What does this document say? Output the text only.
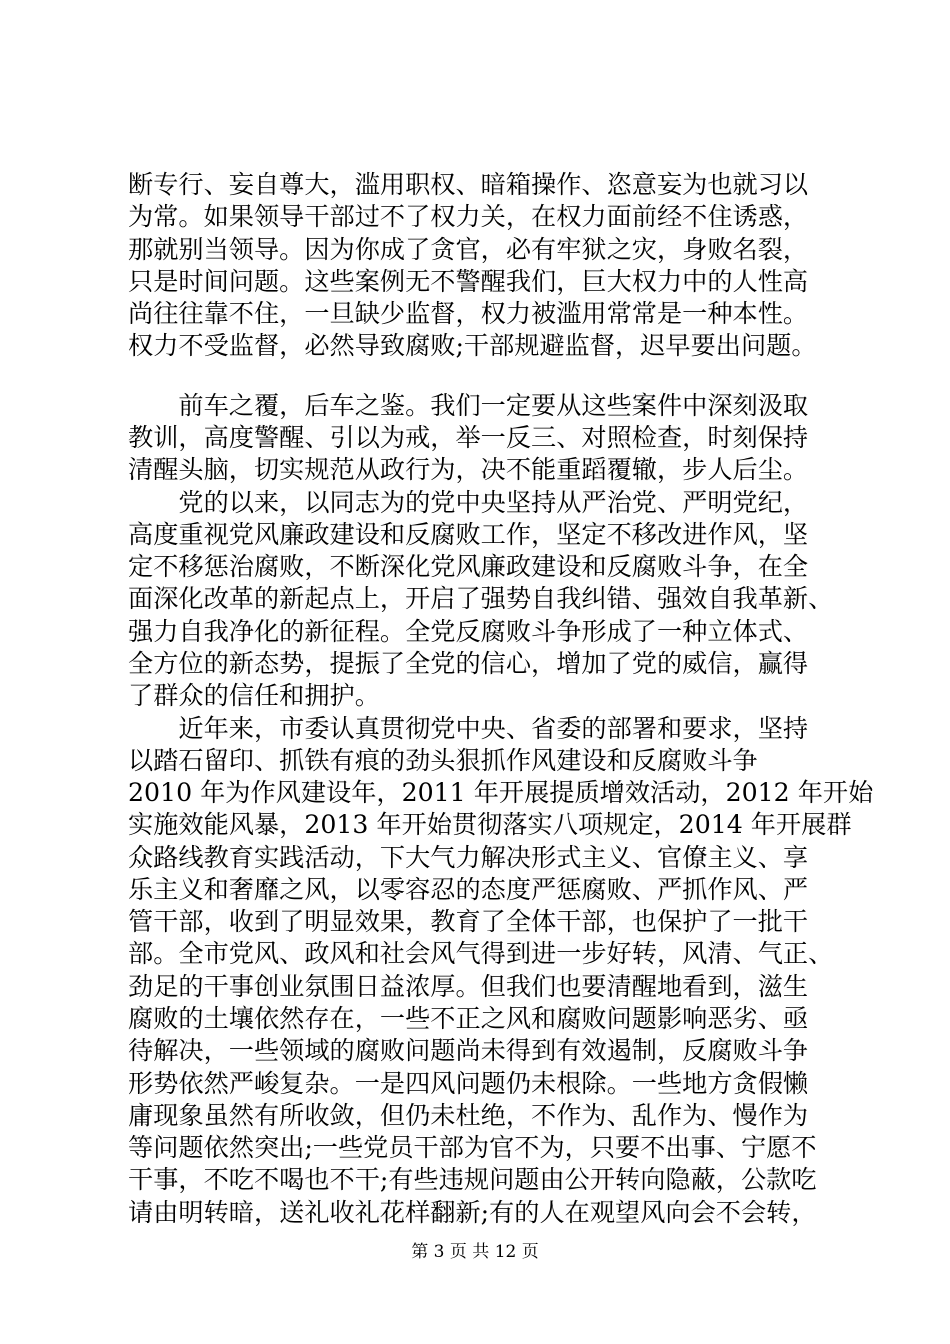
断专行、妄自尊大，滥用职权、暗箱操作、恣意妄为也就习以
为常。如果领导干部过不了权力关，在权力面前经不住诱惑，
那就别当领导。因为你成了贪官，必有牢狱之灾，身败名裂，
只是时间问题。这些案例无不警醒我们，巨大权力中的人性高
尚往往靠不住，一旦缺少监督，权力被滥用常常是一种本性。
权力不受监督，必然导致腐败;干部规避监督，迟早要出问题。
　　前车之覆，后车之鉴。我们一定要从这些案件中深刻汲取
教训，高度警醒、引以为戒，举一反三、对照检查，时刻保持
清醒头脑，切实规范从政行为，决不能重蹈覆辙，步人后尘。
　　党的以来，以同志为的党中央坚持从严治党、严明党纪，
高度重视党风廉政建设和反腐败工作，坚定不移改进作风，坚
定不移惩治腐败，不断深化党风廉政建设和反腐败斗争，在全
面深化改革的新起点上，开启了强势自我纠错、强效自我革新、
强力自我净化的新征程。全党反腐败斗争形成了一种立体式、
全方位的新态势，提振了全党的信心，增加了党的威信，赢得
了群众的信任和拥护。
　　近年来，市委认真贯彻党中央、省委的部署和要求，坚持
以踏石留印、抓铁有痕的劲头狠抓作风建设和反腐败斗争
2010 年为作风建设年，2011 年开展提质增效活动，2012 年开始
实施效能风暴，2013 年开始贯彻落实八项规定，2014 年开展群
众路线教育实践活动，下大气力解决形式主义、官僚主义、享
乐主义和奢靡之风，以零容忍的态度严惩腐败、严抓作风、严
管干部，收到了明显效果，教育了全体干部，也保护了一批干
部。全市党风、政风和社会风气得到进一步好转，风清、气正、
劲足的干事创业氛围日益浓厚。但我们也要清醒地看到，滋生
腐败的土壤依然存在，一些不正之风和腐败问题影响恶劣、亟
待解决，一些领域的腐败问题尚未得到有效遏制，反腐败斗争
形势依然严峻复杂。一是四风问题仍未根除。一些地方贪假懒
庸现象虽然有所收敛，但仍未杜绝，不作为、乱作为、慢作为
等问题依然突出;一些党员干部为官不为，只要不出事、宁愿不
干事，不吃不喝也不干;有些违规问题由公开转向隐蔽，公款吃
请由明转暗，送礼收礼花样翻新;有的人在观望风向会不会转，
第 3 页 共 12 页
